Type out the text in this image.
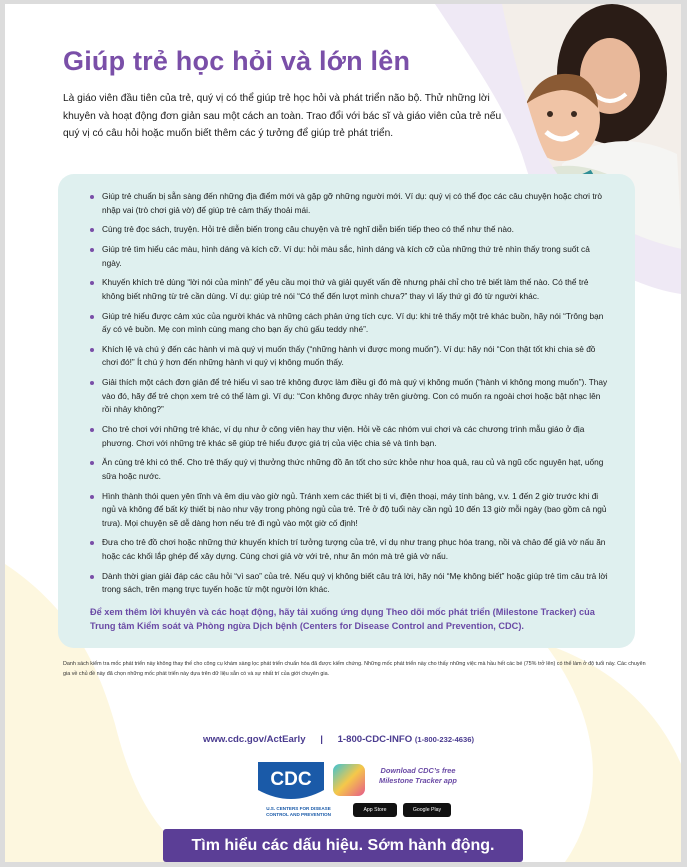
Giúp trẻ học hỏi và lớn lên

Là giáo viên đầu tiên của trẻ, quý vị có thể giúp trẻ học hỏi và phát triển não bộ. Thử những lời khuyên và hoạt động đơn giản sau một cách an toàn. Trao đổi với bác sĩ và giáo viên của trẻ nếu quý vị có câu hỏi hoặc muốn biết thêm các ý tưởng để giúp trẻ phát triển.

Giúp trẻ chuẩn bị sẵn sàng đến những địa điểm mới và gặp gỡ những người mới. Ví dụ: quý vị có thể đọc các câu chuyện hoặc chơi trò nhập vai (trò chơi giả vờ) để giúp trẻ cảm thấy thoải mái.
Cùng trẻ đọc sách, truyện. Hỏi trẻ diễn biến trong câu chuyện và trẻ nghĩ diễn biến tiếp theo có thể như thế nào.
Giúp trẻ tìm hiểu các màu, hình dáng và kích cỡ. Ví dụ: hỏi màu sắc, hình dáng và kích cỡ của những thứ trẻ nhìn thấy trong suốt cả ngày.
Khuyến khích trẻ dùng “lời nói của mình” để yêu cầu mọi thứ và giải quyết vấn đề nhưng phải chỉ cho trẻ biết làm thế nào. Có thể trẻ không biết những từ trẻ cần dùng. Ví dụ: giúp trẻ nói “Có thể đến lượt mình chưa?” thay vì lấy thứ gì đó từ người khác.
Giúp trẻ hiểu được cảm xúc của người khác và những cách phản ứng tích cực. Ví dụ: khi trẻ thấy một trẻ khác buồn, hãy nói “Trông bạn ấy có vẻ buồn. Mẹ con mình cùng mang cho bạn ấy chú gấu teddy nhé”.
Khích lệ và chú ý đến các hành vi mà quý vị muốn thấy (“những hành vi được mong muốn”). Ví dụ: hãy nói “Con thật tốt khi chia sẻ đồ chơi đó!” Ít chú ý hơn đến những hành vi quý vị không muốn thấy.
Giải thích một cách đơn giản để trẻ hiểu vì sao trẻ không được làm điều gì đó mà quý vị không muốn (“hành vi không mong muốn”). Thay vào đó, hãy để trẻ chọn xem trẻ có thể làm gì. Ví dụ: “Con không được nhảy trên giường. Con có muốn ra ngoài chơi hoặc bật nhạc lên rồi nhảy không?”
Cho trẻ chơi với những trẻ khác, ví dụ như ở công viên hay thư viện. Hỏi về các nhóm vui chơi và các chương trình mẫu giáo ở địa phương. Chơi với những trẻ khác sẽ giúp trẻ hiểu được giá trị của việc chia sẻ và tình bạn.
Ăn cùng trẻ khi có thể. Cho trẻ thấy quý vị thưởng thức những đồ ăn tốt cho sức khỏe như hoa quả, rau củ và ngũ cốc nguyên hạt, uống sữa hoặc nước.
Hình thành thói quen yên tĩnh và êm dịu vào giờ ngủ. Tránh xem các thiết bị ti vi, điện thoại, máy tính bảng, v.v. 1 đến 2 giờ trước khi đi ngủ và không để bất kỳ thiết bị nào như vậy trong phòng ngủ của trẻ. Trẻ ở độ tuổi này cần ngủ 10 đến 13 giờ mỗi ngày (bao gồm cả ngủ trưa). Mọi chuyện sẽ dễ dàng hơn nếu trẻ đi ngủ vào một giờ cố định!
Đưa cho trẻ đồ chơi hoặc những thứ khuyến khích trí tưởng tượng của trẻ, ví dụ như trang phục hóa trang, nồi và chảo để giả vờ nấu ăn hoặc các khối lắp ghép để xây dựng. Cùng chơi giả vờ với trẻ, như ăn món mà trẻ giả vờ nấu.
Dành thời gian giải đáp các câu hỏi “vì sao” của trẻ. Nếu quý vị không biết câu trả lời, hãy nói “Mẹ không biết” hoặc giúp trẻ tìm câu trả lời trong sách, trên mạng trực tuyến hoặc từ một người lớn khác.

Để xem thêm lời khuyên và các hoạt động, hãy tải xuống ứng dụng Theo dõi mốc phát triển (Milestone Tracker) của Trung tâm Kiểm soát và Phòng ngừa Dịch bệnh (Centers for Disease Control and Prevention, CDC).

Danh sách kiểm tra mốc phát triển này không thay thế cho công cụ khám sàng lọc phát triển chuẩn hóa đã được kiểm chứng. Những mốc phát triển này cho thấy những việc mà hầu hết các bé (75% trở lên) có thể làm ở độ tuổi này. Các chuyên gia về chủ đề này đã chọn những mốc phát triển này dựa trên dữ liệu sẵn có và sự nhất trí của giới chuyên gia.

www.cdc.gov/ActEarly | 1-800-CDC-INFO (1-800-232-4636)
CDC
U.S. CENTERS FOR DISEASE
CONTROL AND PREVENTION
Download CDC’s free Milestone Tracker app
App Store	Google Play
Tìm hiểu các dấu hiệu. Sớm hành động.
